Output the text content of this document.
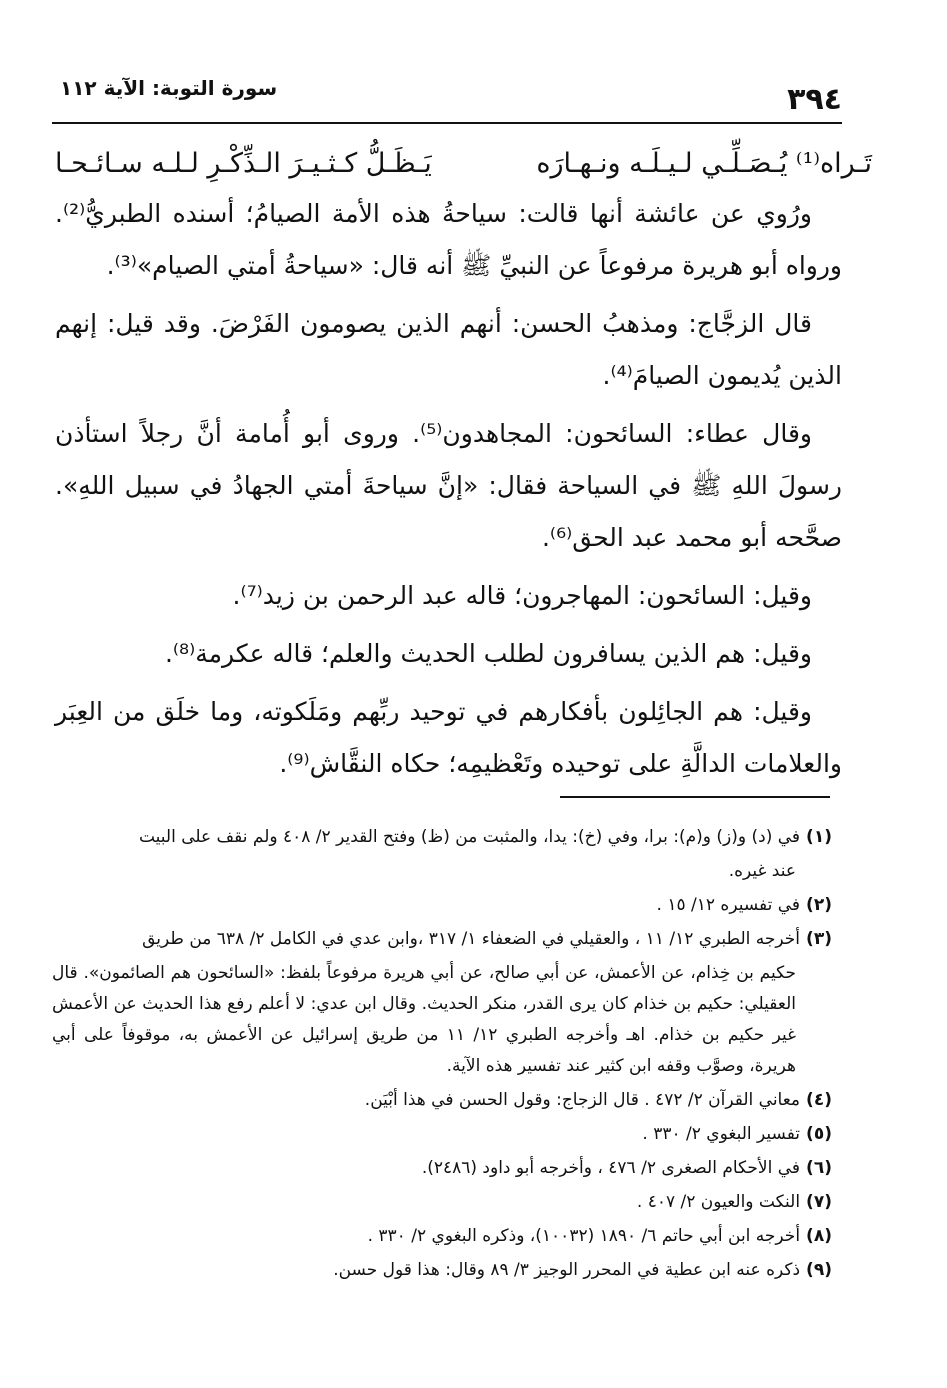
٣٩٤
سورة التوبة: الآية ١١٢
تَـراه⁽¹⁾ يُـصَـلِّـي لـيـلَـه ونـهـارَه
يَـظَـلُّ كـثـيـرَ الـذِّكْـرِ لـلـه سـائـحـا

ورُوي عن عائشة أنها قالت: سياحةُ هذه الأمة الصيامُ؛ أسنده الطبريُّ⁽²⁾. ورواه أبو هريرة مرفوعاً عن النبيِّ ﷺ أنه قال: «سياحةُ أمتي الصيام»⁽³⁾.

قال الزجَّاج: ومذهبُ الحسن: أنهم الذين يصومون الفَرْضَ. وقد قيل: إنهم الذين يُديمون الصيامَ⁽⁴⁾.

وقال عطاء: السائحون: المجاهدون⁽⁵⁾. وروى أبو أُمامة أنَّ رجلاً استأذن رسولَ اللهِ ﷺ في السياحة فقال: «إنَّ سياحةَ أمتي الجهادُ في سبيل اللهِ». صحَّحه أبو محمد عبد الحق⁽⁶⁾.

وقيل: السائحون: المهاجرون؛ قاله عبد الرحمن بن زيد⁽⁷⁾.

وقيل: هم الذين يسافرون لطلب الحديث والعلم؛ قاله عكرمة⁽⁸⁾.

وقيل: هم الجائِلون بأفكارهم في توحيد ربِّهم ومَلَكوته، وما خلَق من العِبَر والعلامات الدالَّةِ على توحيده وتَعْظيمِه؛ حكاه النقَّاش⁽⁹⁾.

(١)في (د) و(ز) و(م): برا، وفي (خ): يدا، والمثبت من (ظ) وفتح القدير ٢/ ٤٠٨ ولم نقف على البيت

عند غيره.

(٢)في تفسيره ١٢/ ١٥ .

(٣)أخرجه الطبري ١٢/ ١١ ، والعقيلي في الضعفاء ١/ ٣١٧ ،وابن عدي في الكامل ٢/ ٦٣٨ من طريق

حكيم بن خِذام، عن الأعمش، عن أبي صالح، عن أبي هريرة مرفوعاً بلفظ: «السائحون هم الصائمون». قال العقيلي: حكيم بن خذام كان يرى القدر، منكر الحديث. وقال ابن عدي: لا أعلم رفع هذا الحديث عن الأعمش غير حكيم بن خذام. اهـ وأخرجه الطبري ١٢/ ١١ من طريق إسرائيل عن الأعمش به، موقوفاً على أبي هريرة، وصوَّب وقفه ابن كثير عند تفسير هذه الآية.

(٤)معاني القرآن ٢/ ٤٧٢ . قال الزجاج: وقول الحسن في هذا أبْيَن.

(٥)تفسير البغوي ٢/ ٣٣٠ .

(٦)في الأحكام الصغرى ٢/ ٤٧٦ ، وأخرجه أبو داود (٢٤٨٦).

(٧)النكت والعيون ٢/ ٤٠٧ .

(٨)أخرجه ابن أبي حاتم ٦/ ١٨٩٠ (١٠٠٣٢)، وذكره البغوي ٢/ ٣٣٠ .

(٩)ذكره عنه ابن عطية في المحرر الوجيز ٣/ ٨٩ وقال: هذا قول حسن.
